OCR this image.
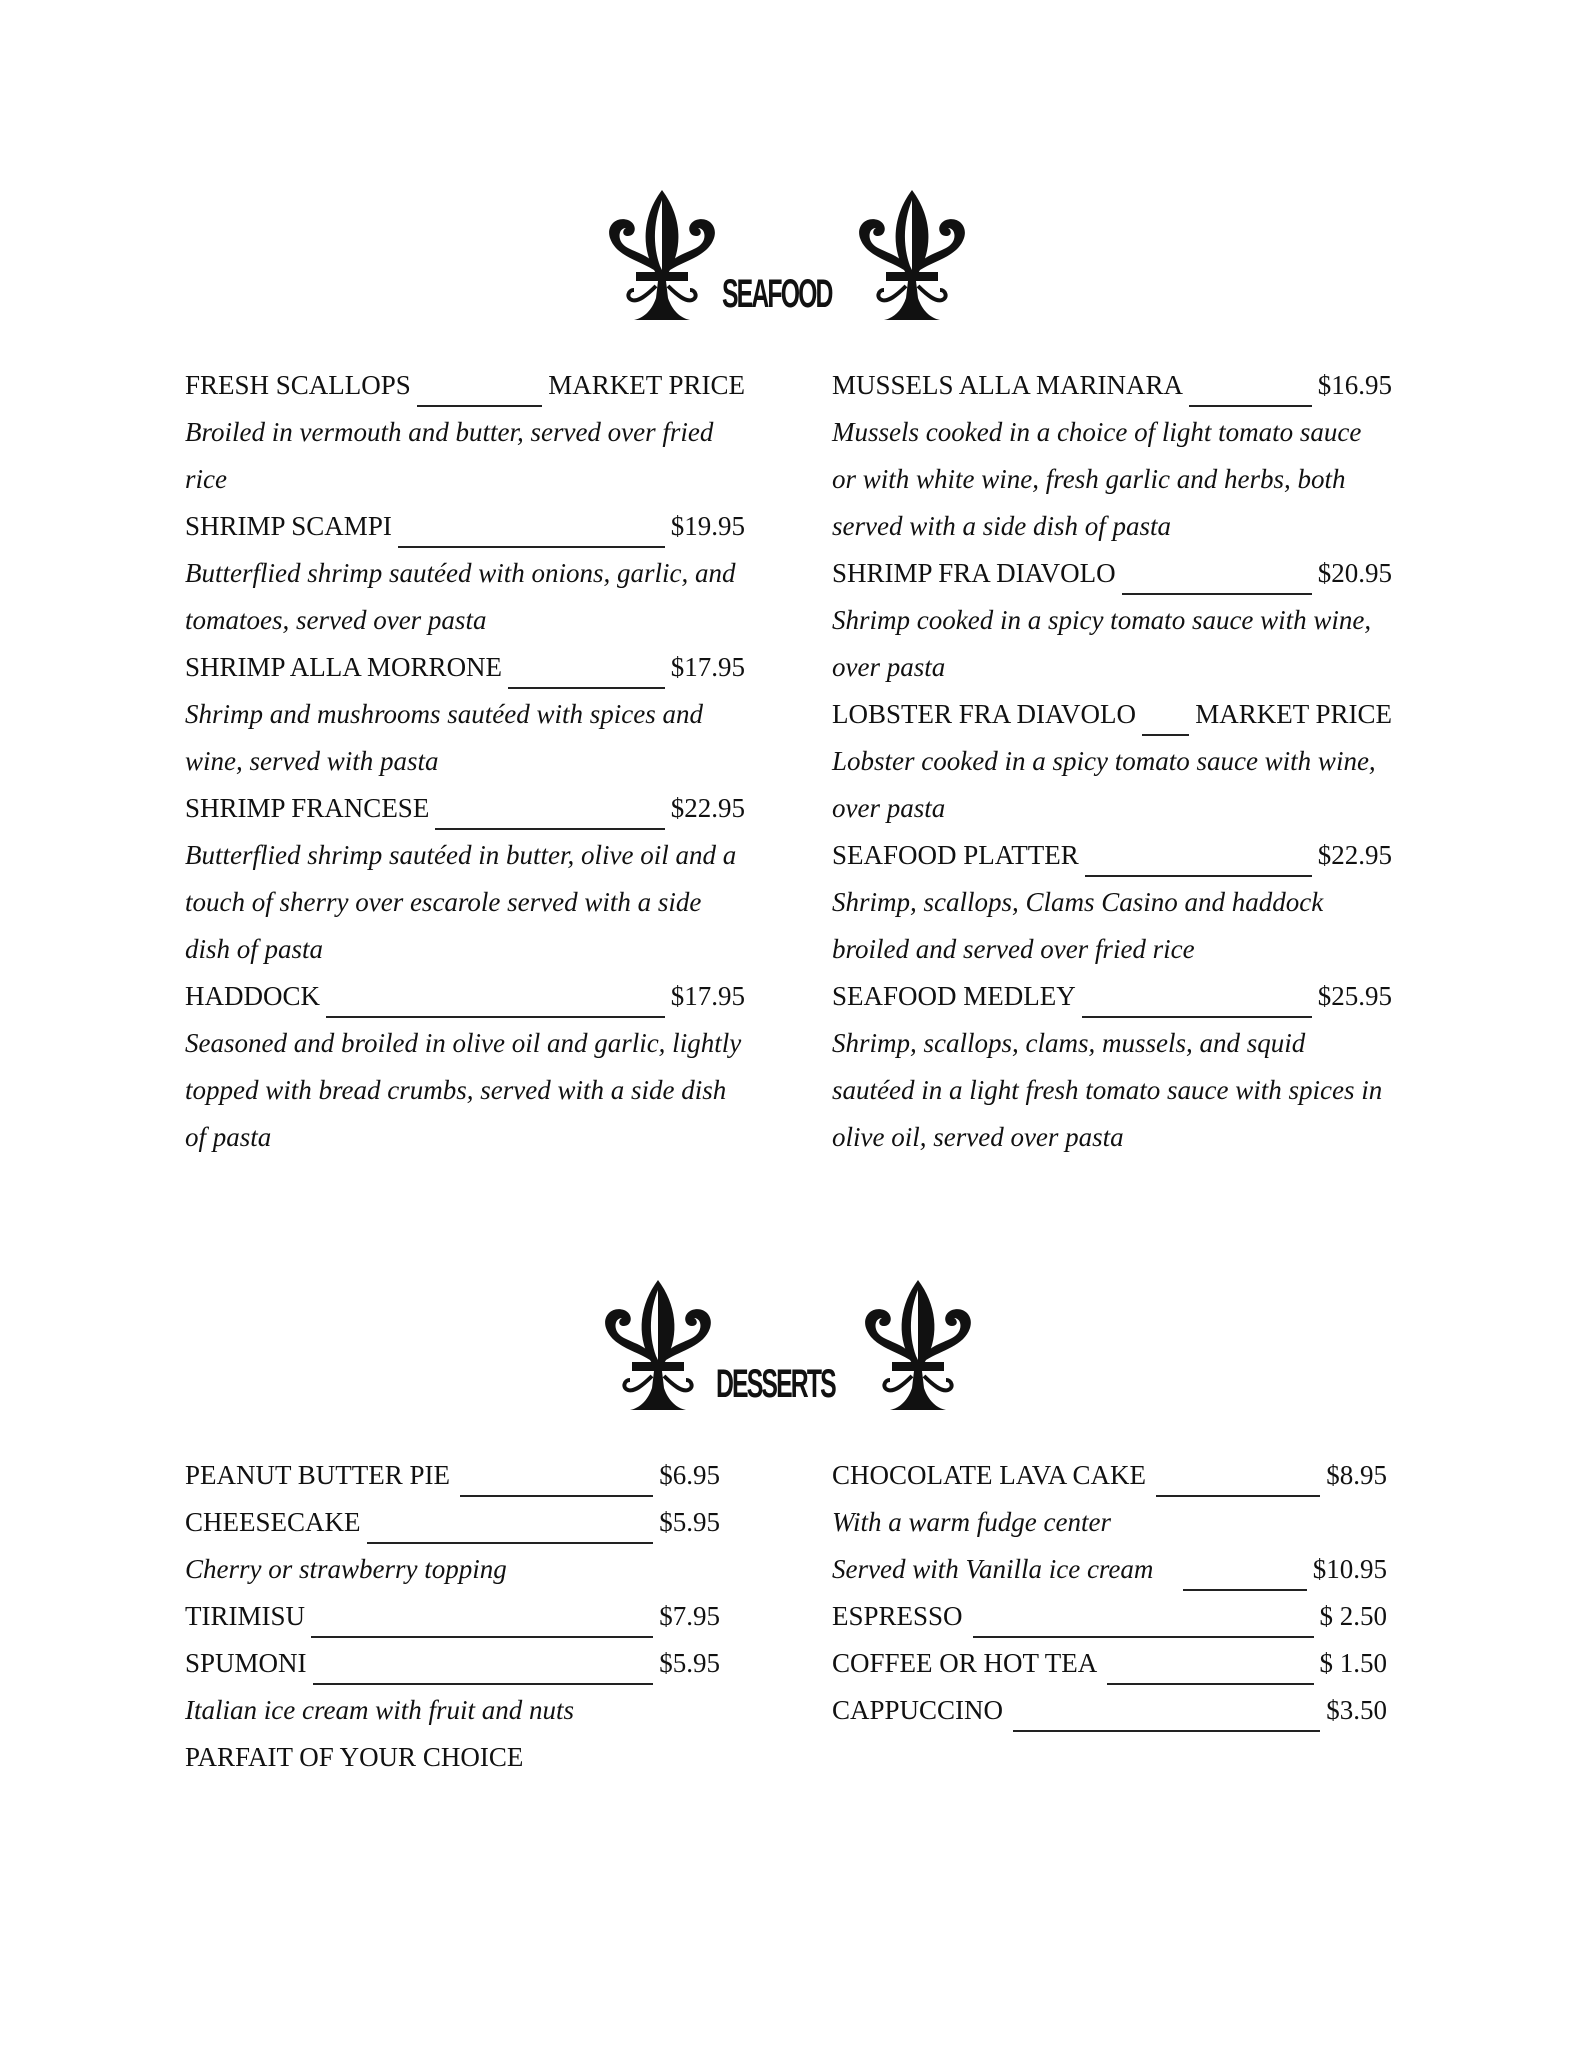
SEAFOOD
FRESH SCALLOPS	MARKET PRICE
Broiled in vermouth and butter, served over fried rice
SHRIMP SCAMPI	$19.95
Butterflied shrimp sautéed with onions, garlic, and tomatoes, served over pasta
SHRIMP ALLA MORRONE	$17.95
Shrimp and mushrooms sautéed with spices and wine, served with pasta
SHRIMP FRANCESE	$22.95
Butterflied shrimp sautéed in butter, olive oil and a touch of sherry over escarole served with a side dish of pasta
HADDOCK	$17.95
Seasoned and broiled in olive oil and garlic, lightly topped with bread crumbs, served with a side dish of pasta
MUSSELS ALLA MARINARA	$16.95
Mussels cooked in a choice of light tomato sauce or with white wine, fresh garlic and herbs, both served with a side dish of pasta
SHRIMP FRA DIAVOLO	$20.95
Shrimp cooked in a spicy tomato sauce with wine, over pasta
LOBSTER FRA DIAVOLO MARKET PRICE
Lobster cooked in a spicy tomato sauce with wine, over pasta
SEAFOOD PLATTER	$22.95
Shrimp, scallops, Clams Casino and haddock broiled and served over fried rice
SEAFOOD MEDLEY	$25.95
Shrimp, scallops, clams, mussels, and squid sautéed in a light fresh tomato sauce with spices in olive oil, served over pasta
DESSERTS
PEANUT BUTTER PIE	$6.95
CHEESECAKE	$5.95
Cherry or strawberry topping
TIRIMISU	$7.95
SPUMONI	$5.95
Italian ice cream with fruit and nuts
PARFAIT OF YOUR CHOICE
CHOCOLATE LAVA CAKE	$8.95
With a warm fudge center
Served with Vanilla ice cream	$10.95
ESPRESSO	$ 2.50
COFFEE OR HOT TEA	$ 1.50
CAPPUCCINO	$3.50
